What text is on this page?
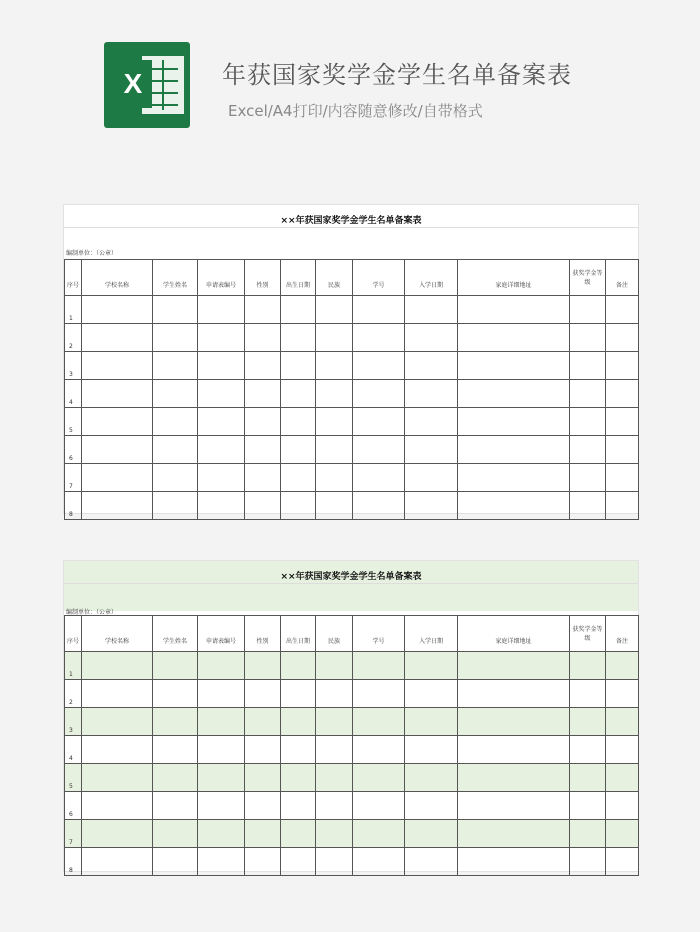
X	年获国家奖学金学生名单备案表
Excel/A4打印/内容随意修改/自带格式
××年获国家奖学金学生名单备案表
编制单位：（公章）
序号	学校名称	学生姓名	申请表编号	性别	出生日期	民族	学号	入学日期	家庭详细地址	获奖学金等级	备注
1											
2											
3											
4											
5											
6											
7											
8											
××年获国家奖学金学生名单备案表
编制单位：（公章）
序号	学校名称	学生姓名	申请表编号	性别	出生日期	民族	学号	入学日期	家庭详细地址	获奖学金等级	备注
1											
2											
3											
4											
5											
6											
7											
8											
